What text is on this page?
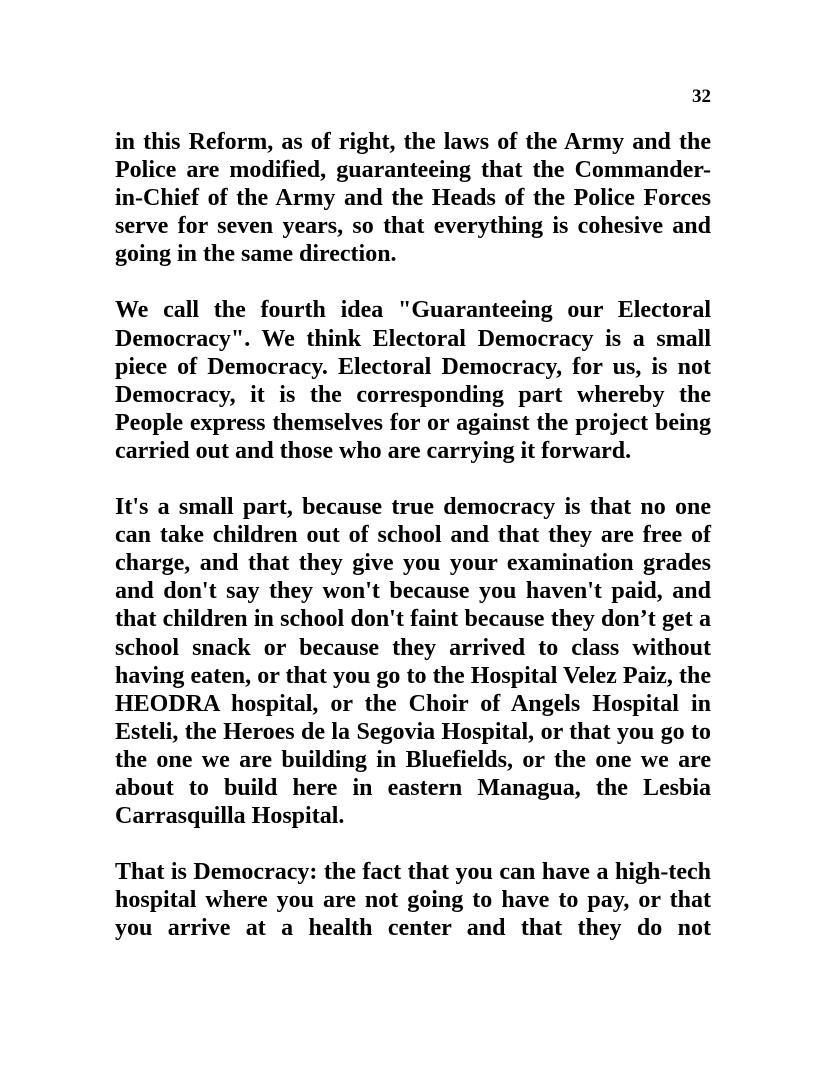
32

in this Reform, as of right, the laws of the Army and the Police are modified, guaranteeing that the Commander-in-Chief of the Army and the Heads of the Police Forces serve for seven years, so that everything is cohesive and going in the same direction.

We call the fourth idea "Guaranteeing our Electoral Democracy". We think Electoral Democracy is a small piece of Democracy. Electoral Democracy, for us, is not Democracy, it is the corresponding part whereby the People express themselves for or against the project being carried out and those who are carrying it forward.

It's a small part, because true democracy is that no one can take children out of school and that they are free of charge, and that they give you your examination grades and don't say they won't because you haven't paid, and that children in school don't faint because they don’t get a school snack or because they arrived to class without having eaten, or that you go to the Hospital Velez Paiz, the HEODRA hospital, or the Choir of Angels Hospital in Esteli, the Heroes de la Segovia Hospital, or that you go to the one we are building in Bluefields, or the one we are about to build here in eastern Managua, the Lesbia Carrasquilla Hospital.

That is Democracy: the fact that you can have a high-tech hospital where you are not going to have to pay, or that you arrive at a health center and that they do not
